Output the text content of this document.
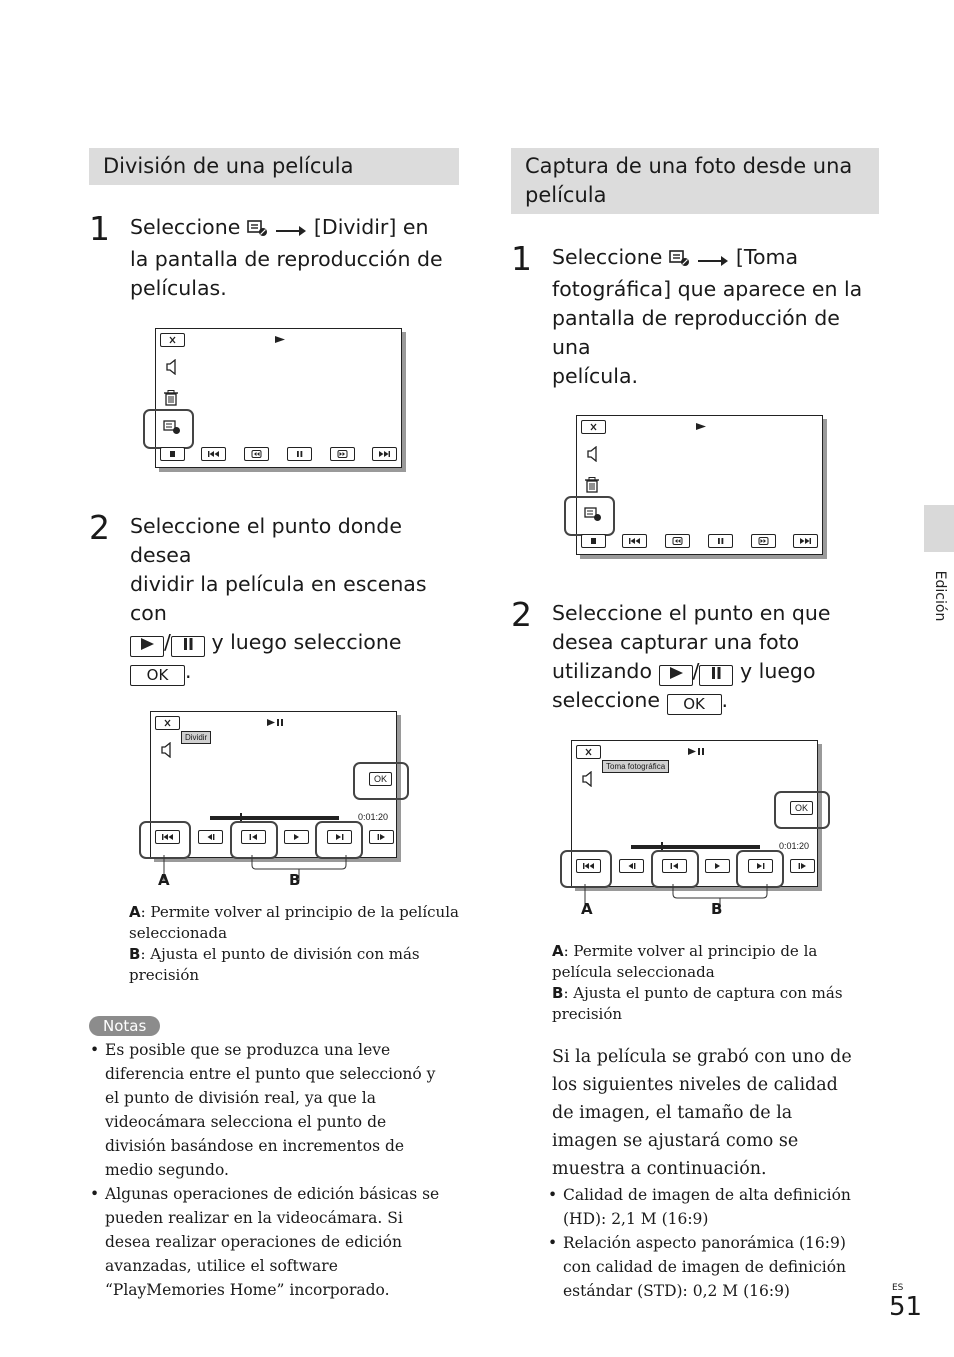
División de una película
1 Seleccione	[Dividir] en
la pantalla de reproducción de
películas.
2 Seleccione el punto donde desea
dividir la película en escenas con
/ y luego seleccione OK .
Dividir
OK
0:01:20
A	B
A: Permite volver al principio de la película seleccionada
B: Ajusta el punto de división con más precisión
Notas
• Es posible que se produzca una leve diferencia entre el punto que seleccionó y el punto de división real, ya que la videocámara selecciona el punto de división basándose en incrementos de medio segundo.
• Algunas operaciones de edición básicas se pueden realizar en la videocámara. Si desea realizar operaciones de edición avanzadas, utilice el software “PlayMemories Home” incorporado.
Captura de una foto desde una película
1 Seleccione	[Toma
fotográfica] que aparece en la
pantalla de reproducción de una
película.
2 Seleccione el punto en que
desea capturar una foto
utilizando / y luego
seleccione OK .
Toma fotográfica
OK
0:01:20
A	B
A: Permite volver al principio de la película seleccionada
B: Ajusta el punto de captura con más precisión
Si la película se grabó con uno de los siguientes niveles de calidad de imagen, el tamaño de la imagen se ajustará como se muestra a continuación.
• Calidad de imagen de alta definición (HD): 2,1 M (16:9)
• Relación aspecto panorámica (16:9) con calidad de imagen de definición estándar (STD): 0,2 M (16:9)
Edición
ES
51
